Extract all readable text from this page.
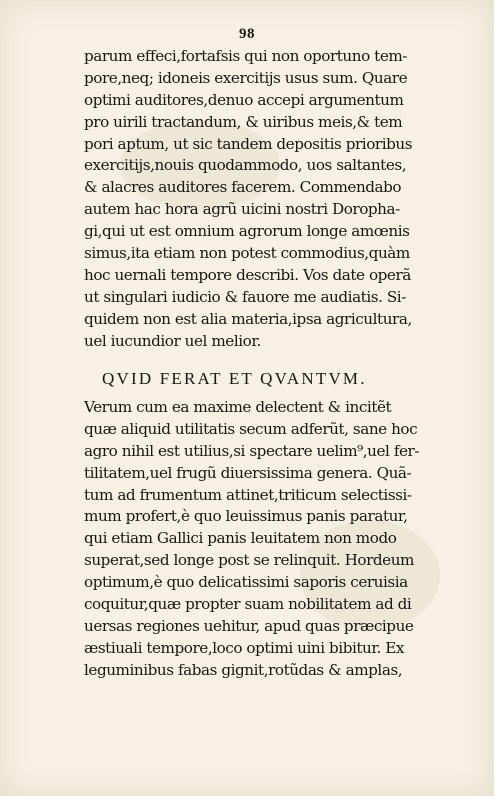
98
parum effeci,fortafsis qui non oportuno tem-
pore,neq; idoneis exercitijs usus sum. Quare
optimi auditores,denuo accepi argumentum
pro uirili tractandum, & uiribus meis,& tem
pori aptum, ut sic tandem depositis prioribus
exercitijs,nouis quodammodo, uos saltantes,
& alacres auditores facerem. Commendabo
autem hac hora agrũ uicini nostri Doropha-
gi,qui ut est omnium agrorum longe amœnis
simus,ita etiam non potest commodius,quàm
hoc uernali tempore describi. Vos date operã
ut singulari iudicio & fauore me audiatis. Si-
quidem non est alia materia,ipsa agricultura,
uel iucundior uel melior.
QVID FERAT ET QVANTVM.
Verum cum ea maxime delectent & incitẽt
quæ aliquid utilitatis secum adferũt, sane hoc
agro nihil est utilius,si spectare uelim⁹,uel fer-
tilitatem,uel frugũ diuersissima genera. Quã-
tum ad frumentum attinet,triticum selectissi-
mum profert,è quo leuissimus panis paratur,
qui etiam Gallici panis leuitatem non modo
superat,sed longe post se relinquit. Hordeum
optimum,è quo delicatissimi saporis ceruisia
coquitur,quæ propter suam nobilitatem ad di
uersas regiones uehitur, apud quas præcipue
æstiuali tempore,loco optimi uini bibitur. Ex
leguminibus fabas gignit,rotũdas & amplas,
